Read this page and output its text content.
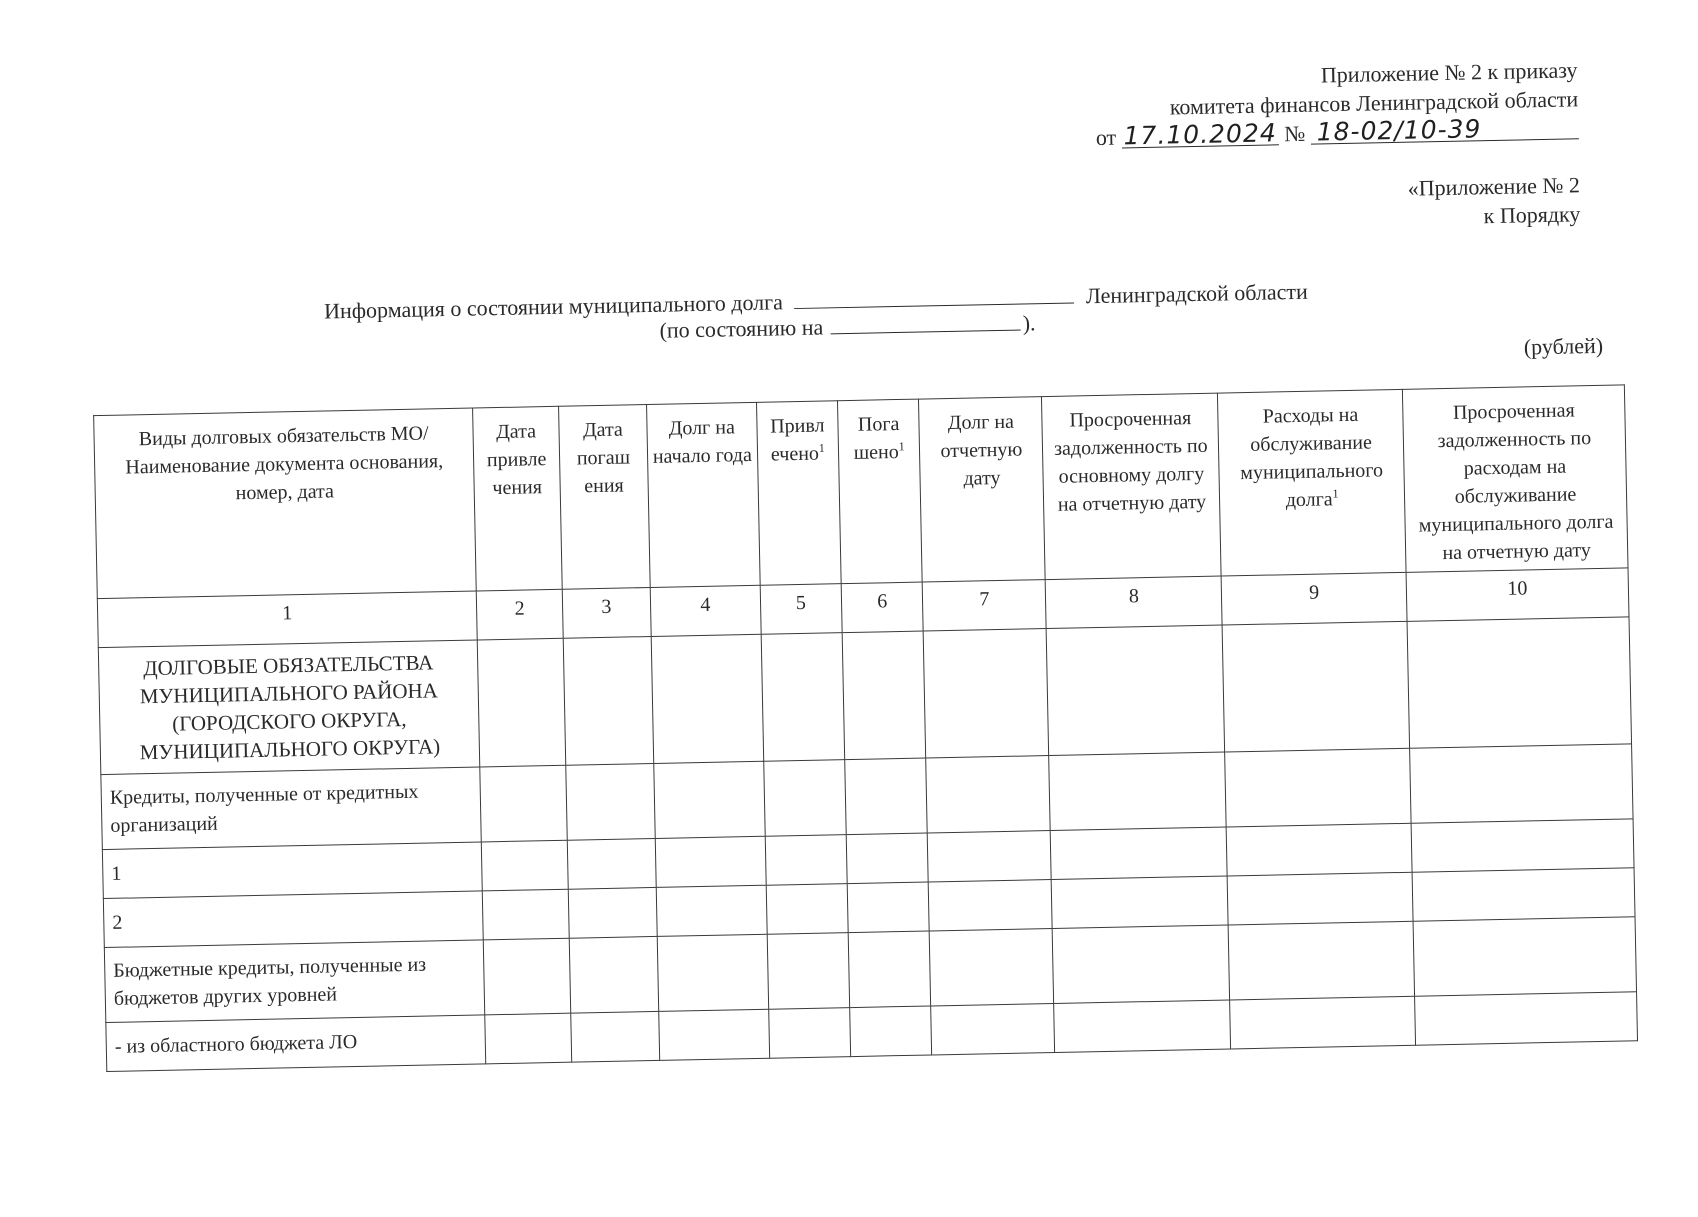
Приложение № 2 к приказу
комитета финансов Ленинградской области
от 17.10.2024 № 18-02/10-39
«Приложение № 2
к Порядку
Информация о состоянии муниципального долга	Ленинградской области
(по состоянию на	).
(рублей)
Виды долговых обязательств МО/ Наименование документа основания, номер, дата	Дата привле чения	Дата погаш ения	Долг на начало года	Привл ечено$^1$	Пога шено$^1$	Долг на отчетную дату	Просроченная задолженность по основному долгу на отчетную дату	Расходы на обслуживание муниципального долга$^1$	Просроченная задолженность по расходам на обслуживание муниципального долга на отчетную дату
1	2	3	4	5	6	7	8	9	10
ДОЛГОВЫЕ ОБЯЗАТЕЛЬСТВА МУНИЦИПАЛЬНОГО РАЙОНА (ГОРОДСКОГО ОКРУГА, МУНИЦИПАЛЬНОГО ОКРУГА)									
Кредиты, полученные от кредитных организаций									
1									
2									
Бюджетные кредиты, полученные из бюджетов других уровней									
- из областного бюджета ЛО									
